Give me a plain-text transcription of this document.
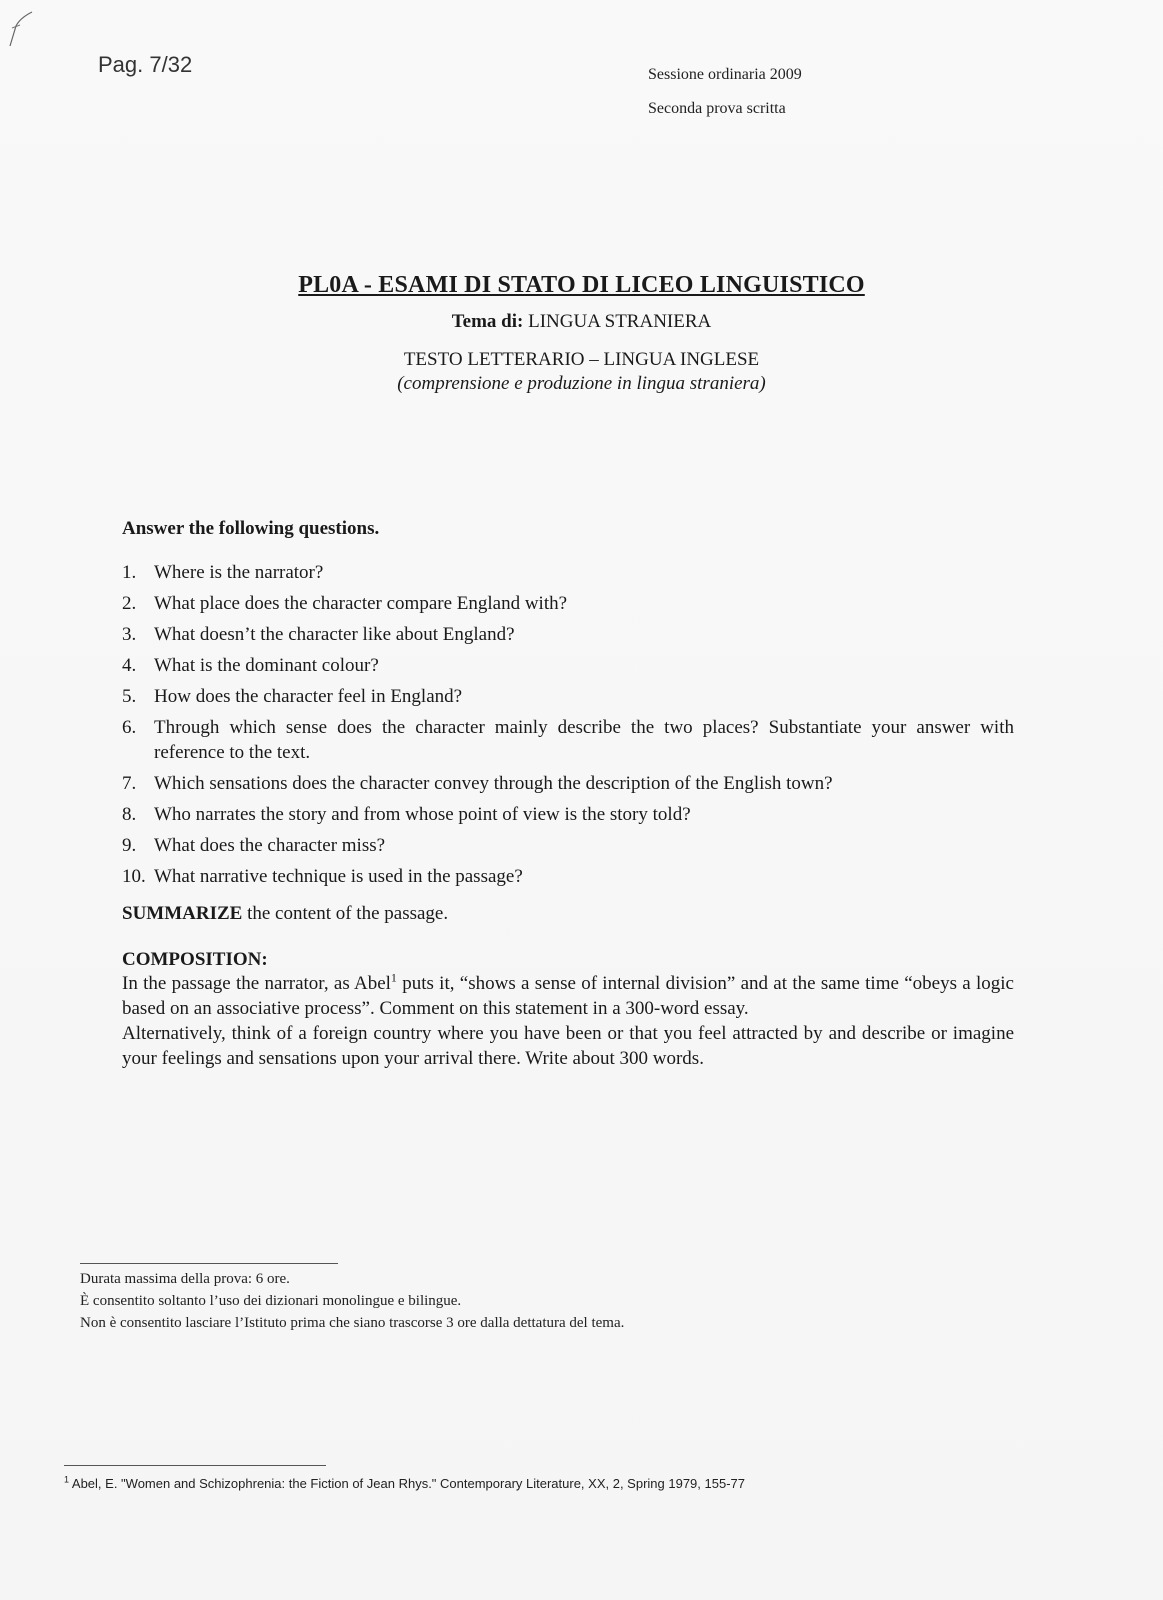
Pag. 7/32	Sessione ordinaria 2009
Seconda prova scritta
PL0A - ESAMI DI STATO DI LICEO LINGUISTICO
Tema di: LINGUA STRANIERA
TESTO LETTERARIO – LINGUA INGLESE
(comprensione e produzione in lingua straniera)
Answer the following questions.
1. Where is the narrator?
2. What place does the character compare England with?
3. What doesn’t the character like about England?
4. What is the dominant colour?
5. How does the character feel in England?
6. Through which sense does the character mainly describe the two places? Substantiate your answer with reference to the text.
7. Which sensations does the character convey through the description of the English town?
8. Who narrates the story and from whose point of view is the story told?
9. What does the character miss?
10. What narrative technique is used in the passage?
SUMMARIZE the content of the passage.
COMPOSITION:

In the passage the narrator, as Abel$^1$ puts it, “shows a sense of internal division” and at the same time “obeys a logic based on an associative process”. Comment on this statement in a 300-word essay.

Alternatively, think of a foreign country where you have been or that you feel attracted by and describe or imagine your feelings and sensations upon your arrival there. Write about 300 words.

Durata massima della prova: 6 ore.
È consentito soltanto l’uso dei dizionari monolingue e bilingue.
Non è consentito lasciare l’Istituto prima che siano trascorse 3 ore dalla dettatura del tema.
$^1$ Abel, E. "Women and Schizophrenia: the Fiction of Jean Rhys." Contemporary Literature, XX, 2, Spring 1979, 155-77
